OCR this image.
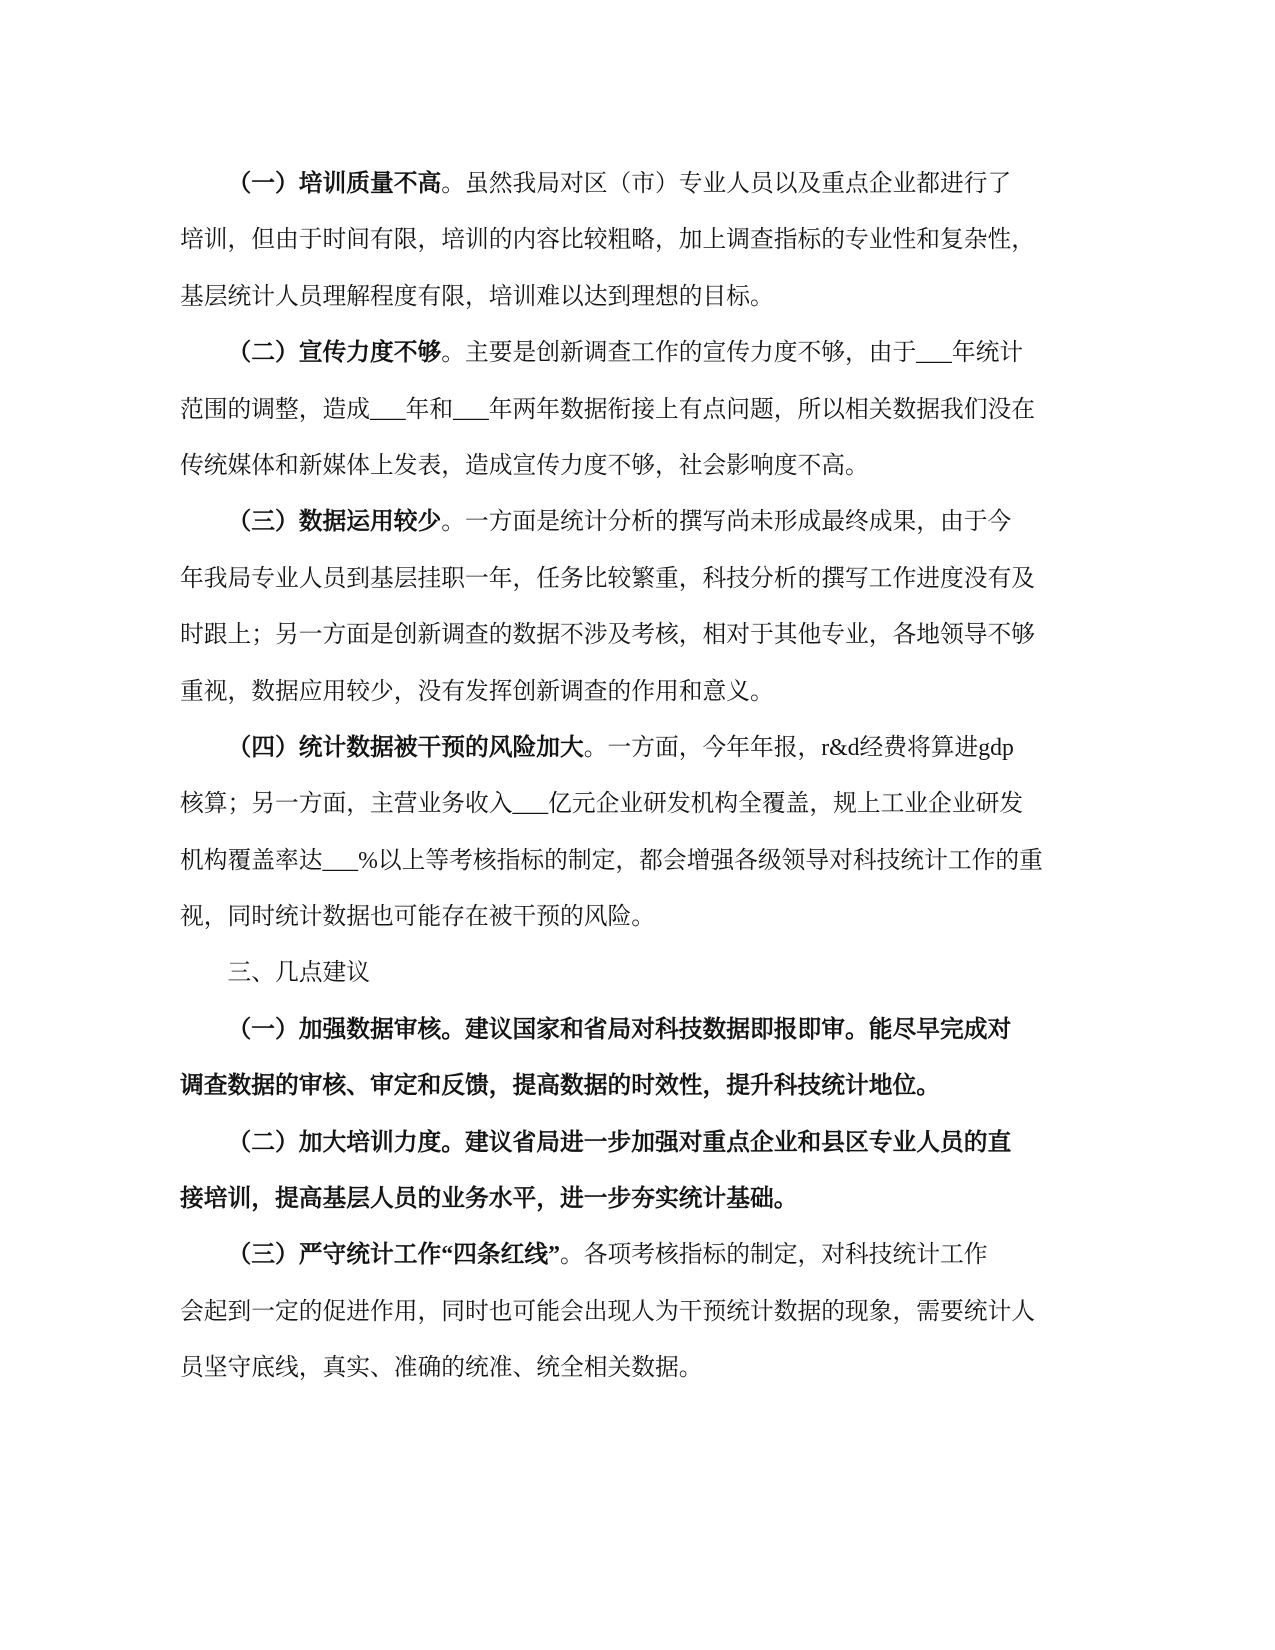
（一）培训质量不高。虽然我局对区（市）专业人员以及重点企业都进行了
培训，但由于时间有限，培训的内容比较粗略，加上调查指标的专业性和复杂性，
基层统计人员理解程度有限，培训难以达到理想的目标。
（二）宣传力度不够。主要是创新调查工作的宣传力度不够，由于___年统计
范围的调整，造成___年和___年两年数据衔接上有点问题，所以相关数据我们没在
传统媒体和新媒体上发表，造成宣传力度不够，社会影响度不高。
（三）数据运用较少。一方面是统计分析的撰写尚未形成最终成果，由于今
年我局专业人员到基层挂职一年，任务比较繁重，科技分析的撰写工作进度没有及
时跟上；另一方面是创新调查的数据不涉及考核，相对于其他专业，各地领导不够
重视，数据应用较少，没有发挥创新调查的作用和意义。
（四）统计数据被干预的风险加大。一方面，今年年报，r&d经费将算进gdp
核算；另一方面，主营业务收入___亿元企业研发机构全覆盖，规上工业企业研发
机构覆盖率达___%以上等考核指标的制定，都会增强各级领导对科技统计工作的重
视，同时统计数据也可能存在被干预的风险。
三、几点建议
（一）加强数据审核。建议国家和省局对科技数据即报即审。能尽早完成对
调查数据的审核、审定和反馈，提高数据的时效性，提升科技统计地位。
（二）加大培训力度。建议省局进一步加强对重点企业和县区专业人员的直
接培训，提高基层人员的业务水平，进一步夯实统计基础。
（三）严守统计工作“四条红线”。各项考核指标的制定，对科技统计工作
会起到一定的促进作用，同时也可能会出现人为干预统计数据的现象，需要统计人
员坚守底线，真实、准确的统准、统全相关数据。
